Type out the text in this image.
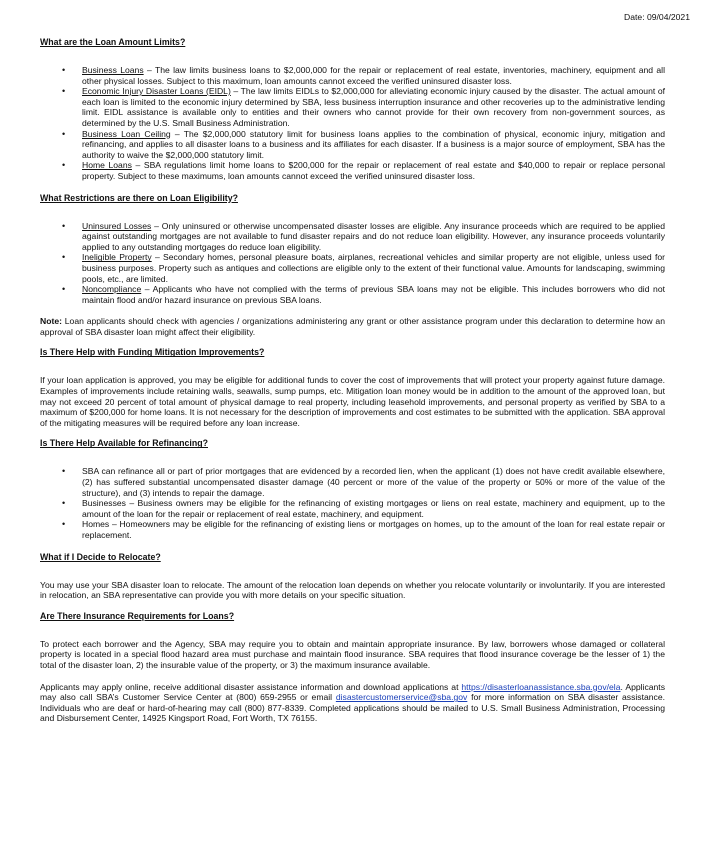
Date: 09/04/2021
What are the Loan Amount Limits?
• Business Loans – The law limits business loans to $2,000,000 for the repair or replacement of real estate, inventories, machinery, equipment and all other physical losses. Subject to this maximum, loan amounts cannot exceed the verified uninsured disaster loss.
• Economic Injury Disaster Loans (EIDL) – The law limits EIDLs to $2,000,000 for alleviating economic injury caused by the disaster. The actual amount of each loan is limited to the economic injury determined by SBA, less business interruption insurance and other recoveries up to the administrative lending limit. EIDL assistance is available only to entities and their owners who cannot provide for their own recovery from non-government sources, as determined by the U.S. Small Business Administration.
• Business Loan Ceiling – The $2,000,000 statutory limit for business loans applies to the combination of physical, economic injury, mitigation and refinancing, and applies to all disaster loans to a business and its affiliates for each disaster. If a business is a major source of employment, SBA has the authority to waive the $2,000,000 statutory limit.
• Home Loans – SBA regulations limit home loans to $200,000 for the repair or replacement of real estate and $40,000 to repair or replace personal property. Subject to these maximums, loan amounts cannot exceed the verified uninsured disaster loss.
What Restrictions are there on Loan Eligibility?
• Uninsured Losses – Only uninsured or otherwise uncompensated disaster losses are eligible. Any insurance proceeds which are required to be applied against outstanding mortgages are not available to fund disaster repairs and do not reduce loan eligibility. However, any insurance proceeds voluntarily applied to any outstanding mortgages do reduce loan eligibility.
• Ineligible Property – Secondary homes, personal pleasure boats, airplanes, recreational vehicles and similar property are not eligible, unless used for business purposes. Property such as antiques and collections are eligible only to the extent of their functional value. Amounts for landscaping, swimming pools, etc., are limited.
• Noncompliance – Applicants who have not complied with the terms of previous SBA loans may not be eligible. This includes borrowers who did not maintain flood and/or hazard insurance on previous SBA loans.

Note: Loan applicants should check with agencies / organizations administering any grant or other assistance program under this declaration to determine how an approval of SBA disaster loan might affect their eligibility.

Is There Help with Funding Mitigation Improvements?

If your loan application is approved, you may be eligible for additional funds to cover the cost of improvements that will protect your property against future damage. Examples of improvements include retaining walls, seawalls, sump pumps, etc. Mitigation loan money would be in addition to the amount of the approved loan, but may not exceed 20 percent of total amount of physical damage to real property, including leasehold improvements, and personal property as verified by SBA to a maximum of $200,000 for home loans. It is not necessary for the description of improvements and cost estimates to be submitted with the application. SBA approval of the mitigating measures will be required before any loan increase.

Is There Help Available for Refinancing?
• SBA can refinance all or part of prior mortgages that are evidenced by a recorded lien, when the applicant (1) does not have credit available elsewhere, (2) has suffered substantial uncompensated disaster damage (40 percent or more of the value of the property or 50% or more of the value of the structure), and (3) intends to repair the damage.
• Businesses – Business owners may be eligible for the refinancing of existing mortgages or liens on real estate, machinery and equipment, up to the amount of the loan for the repair or replacement of real estate, machinery, and equipment.
• Homes – Homeowners may be eligible for the refinancing of existing liens or mortgages on homes, up to the amount of the loan for real estate repair or replacement.
What if I Decide to Relocate?

You may use your SBA disaster loan to relocate. The amount of the relocation loan depends on whether you relocate voluntarily or involuntarily. If you are interested in relocation, an SBA representative can provide you with more details on your specific situation.

Are There Insurance Requirements for Loans?

To protect each borrower and the Agency, SBA may require you to obtain and maintain appropriate insurance. By law, borrowers whose damaged or collateral property is located in a special flood hazard area must purchase and maintain flood insurance. SBA requires that flood insurance coverage be the lesser of 1) the total of the disaster loan, 2) the insurable value of the property, or 3) the maximum insurance available.

Applicants may apply online, receive additional disaster assistance information and download applications at https://disasterloanassistance.sba.gov/ela. Applicants may also call SBA’s Customer Service Center at (800) 659-2955 or email disastercustomerservice@sba.gov for more information on SBA disaster assistance. Individuals who are deaf or hard-of-hearing may call (800) 877-8339. Completed applications should be mailed to U.S. Small Business Administration, Processing and Disbursement Center, 14925 Kingsport Road, Fort Worth, TX 76155.
